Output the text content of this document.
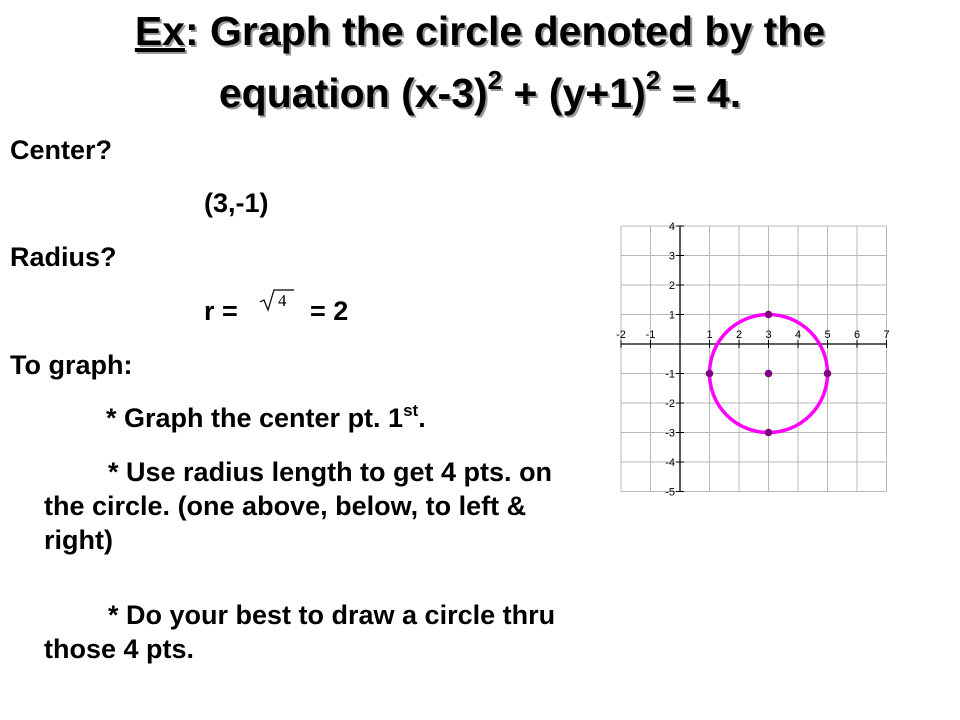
Ex: Graph the circle denoted by the
equation $(x-3)^2 + (y+1)^2 = 4$.
Center?
(3,-1)
Radius?
r = 4 = 2
To graph:
* Graph the center pt. 1st.
* Use radius length to get 4 pts. on the circle. (one above, below, to left & right)
* Do your best to draw a circle thru those 4 pts.
-2 -1	1 2 3 4 5 6 7
4
3
2
1
-1
-2
-3
-4
-5
